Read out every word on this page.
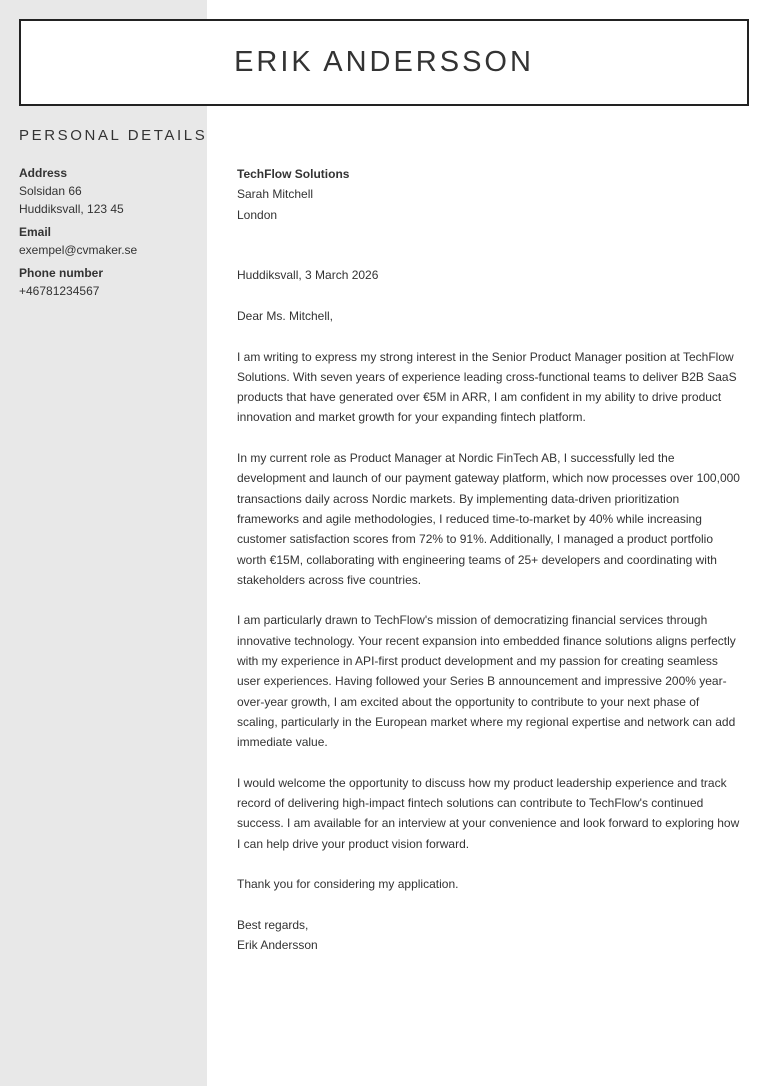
ERIK ANDERSSON
PERSONAL DETAILS
Address
Solsidan 66
Huddiksvall, 123 45
Email
exempel@cvmaker.se
Phone number
+46781234567

TechFlow Solutions

Sarah Mitchell

London

Huddiksvall, 3 March 2026

Dear Ms. Mitchell,

I am writing to express my strong interest in the Senior Product Manager position at TechFlow Solutions. With seven years of experience leading cross-functional teams to deliver B2B SaaS products that have generated over €5M in ARR, I am confident in my ability to drive product innovation and market growth for your expanding fintech platform.

In my current role as Product Manager at Nordic FinTech AB, I successfully led the development and launch of our payment gateway platform, which now processes over 100,000 transactions daily across Nordic markets. By implementing data-driven prioritization frameworks and agile methodologies, I reduced time-to-market by 40% while increasing customer satisfaction scores from 72% to 91%. Additionally, I managed a product portfolio worth €15M, collaborating with engineering teams of 25+ developers and coordinating with stakeholders across five countries.

I am particularly drawn to TechFlow's mission of democratizing financial services through innovative technology. Your recent expansion into embedded finance solutions aligns perfectly with my experience in API-first product development and my passion for creating seamless user experiences. Having followed your Series B announcement and impressive 200% year-over-year growth, I am excited about the opportunity to contribute to your next phase of scaling, particularly in the European market where my regional expertise and network can add immediate value.

I would welcome the opportunity to discuss how my product leadership experience and track record of delivering high-impact fintech solutions can contribute to TechFlow's continued success. I am available for an interview at your convenience and look forward to exploring how I can help drive your product vision forward.

Thank you for considering my application.

Best regards,

Erik Andersson
